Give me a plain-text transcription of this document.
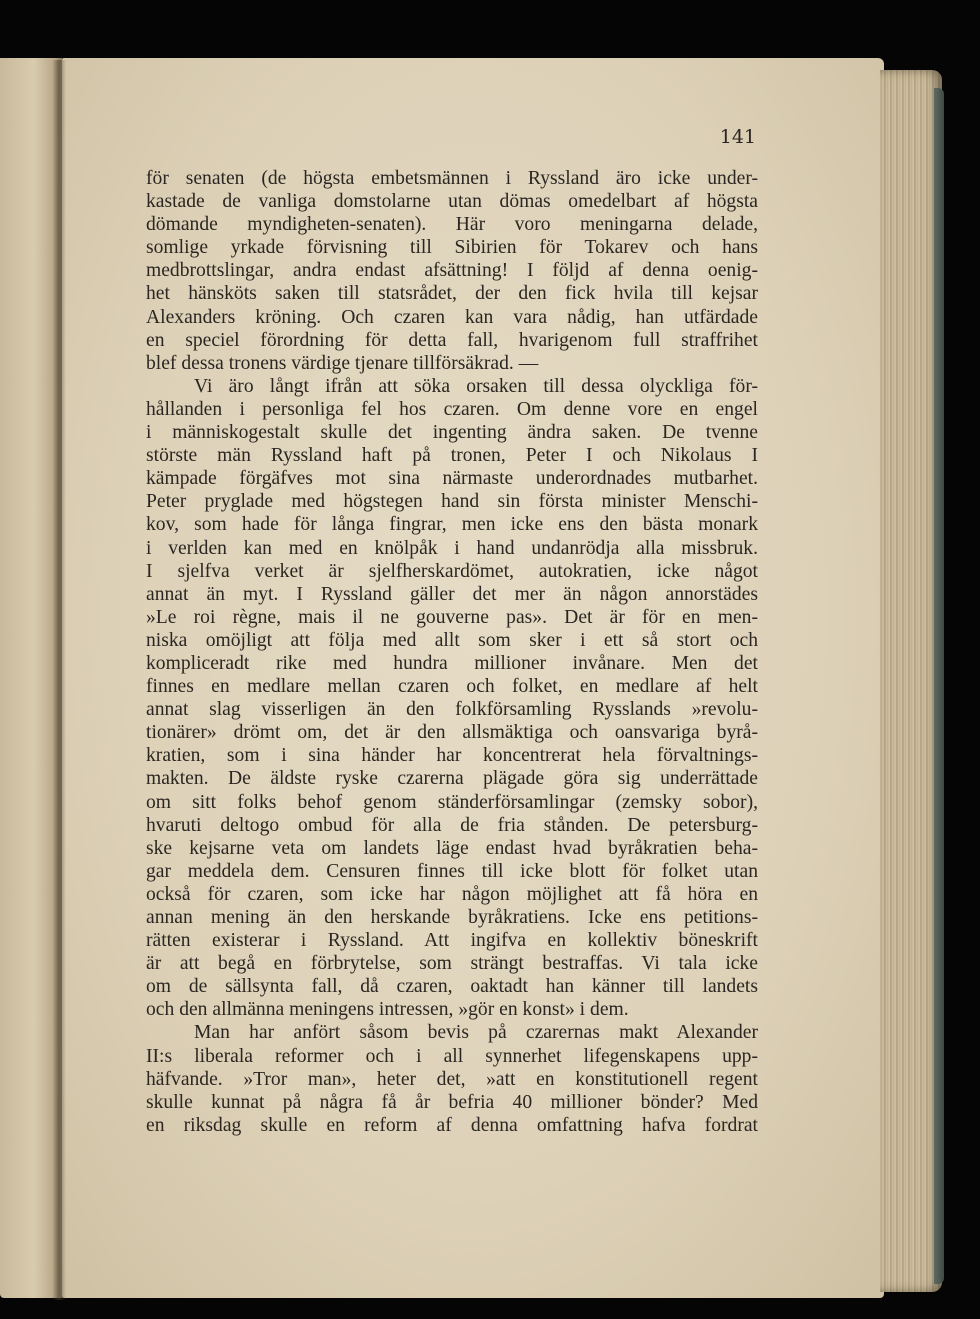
141
för senaten (de högsta embetsmännen i Ryssland äro icke under-
kastade de vanliga domstolarne utan dömas omedelbart af högsta
dömande myndigheten-senaten). Här voro meningarna delade,
somlige yrkade förvisning till Sibirien för Tokarev och hans
medbrottslingar, andra endast afsättning! I följd af denna oenig-
het hänsköts saken till statsrådet, der den fick hvila till kejsar
Alexanders kröning. Och czaren kan vara nådig, han utfärdade
en speciel förordning för detta fall, hvarigenom full straffrihet
blef dessa tronens värdige tjenare tillförsäkrad. —
Vi äro långt ifrån att söka orsaken till dessa olyckliga för-
hållanden i personliga fel hos czaren. Om denne vore en engel
i människogestalt skulle det ingenting ändra saken. De tvenne
störste män Ryssland haft på tronen, Peter I och Nikolaus I
kämpade förgäfves mot sina närmaste underordnades mutbarhet.
Peter pryglade med högstegen hand sin första minister Menschi-
kov, som hade för långa fingrar, men icke ens den bästa monark
i verlden kan med en knölpåk i hand undanrödja alla missbruk.
I sjelfva verket är sjelfherskardömet, autokratien, icke något
annat än myt. I Ryssland gäller det mer än någon annorstädes
»Le roi règne, mais il ne gouverne pas». Det är för en men-
niska omöjligt att följa med allt som sker i ett så stort och
kompliceradt rike med hundra millioner invånare. Men det
finnes en medlare mellan czaren och folket, en medlare af helt
annat slag visserligen än den folkförsamling Rysslands »revolu-
tionärer» drömt om, det är den allsmäktiga och oansvariga byrå-
kratien, som i sina händer har koncentrerat hela förvaltnings-
makten. De äldste ryske czarerna plägade göra sig underrättade
om sitt folks behof genom ständerförsamlingar (zemsky sobor),
hvaruti deltogo ombud för alla de fria stånden. De petersburg-
ske kejsarne veta om landets läge endast hvad byråkratien beha-
gar meddela dem. Censuren finnes till icke blott för folket utan
också för czaren, som icke har någon möjlighet att få höra en
annan mening än den herskande byråkratiens. Icke ens petitions-
rätten existerar i Ryssland. Att ingifva en kollektiv böneskrift
är att begå en förbrytelse, som strängt bestraffas. Vi tala icke
om de sällsynta fall, då czaren, oaktadt han känner till landets
och den allmänna meningens intressen, »gör en konst» i dem.
Man har anfört såsom bevis på czarernas makt Alexander
II:s liberala reformer och i all synnerhet lifegenskapens upp-
häfvande. »Tror man», heter det, »att en konstitutionell regent
skulle kunnat på några få år befria 40 millioner bönder? Med
en riksdag skulle en reform af denna omfattning hafva fordrat
